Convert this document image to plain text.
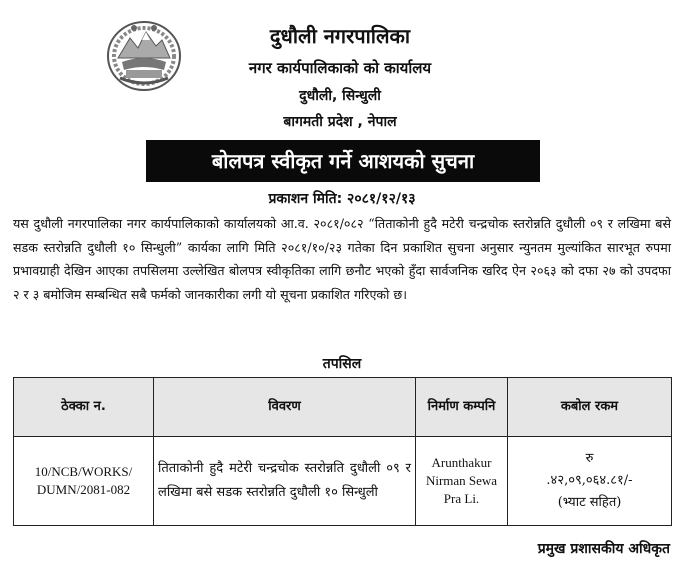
दुधौली नगरपालिका
नगर कार्यपालिकाको को कार्यालय
दुधौली, सिन्धुली
बागमती प्रदेश , नेपाल
बोलपत्र स्वीकृत गर्ने आशयको सुचना
प्रकाशन मिति: २०८१/१२/१३
यस दुधौली नगरपालिका नगर कार्यपालिकाको कार्यालयको आ.व. २०८१/०८२ “तिताकोनी हुदै मटेरी चन्द्रचोक स्तरोन्नति दुधौली ०९ र लखिमा बसे सडक स्तरोन्नति दुधौली १० सिन्धुली” कार्यका लागि मिति २०८१/१०/२३ गतेका दिन प्रकाशित सुचना अनुसार न्युनतम मुल्यांकित सारभूत रुपमा प्रभावग्राही देखिन आएका तपसिलमा उल्लेखित बोलपत्र स्वीकृतिका लागि छनौट भएको हुँदा सार्वजनिक खरिद ऐन २०६३ को दफा २७ को उपदफा २ र ३ बमोजिम सम्बन्धित सबै फर्मको जानकारीका लगी यो सूचना प्रकाशित गरिएको छ।
तपसिल
ठेक्का न.	विवरण	निर्माण कम्पनि	कबोल रकम
10/NCB/WORKS/ DUMN/2081-082	तिताकोनी हुदै मटेरी चन्द्रचोक स्तरोन्नति दुधौली ०९ र लखिमा बसे सडक स्तरोन्नति दुधौली १० सिन्धुली	Arunthakur Nirman Sewa Pra Li.	रु
.४२,०९,०६४.८१/-
(भ्याट सहित)
प्रमुख प्रशासकीय अधिकृत
